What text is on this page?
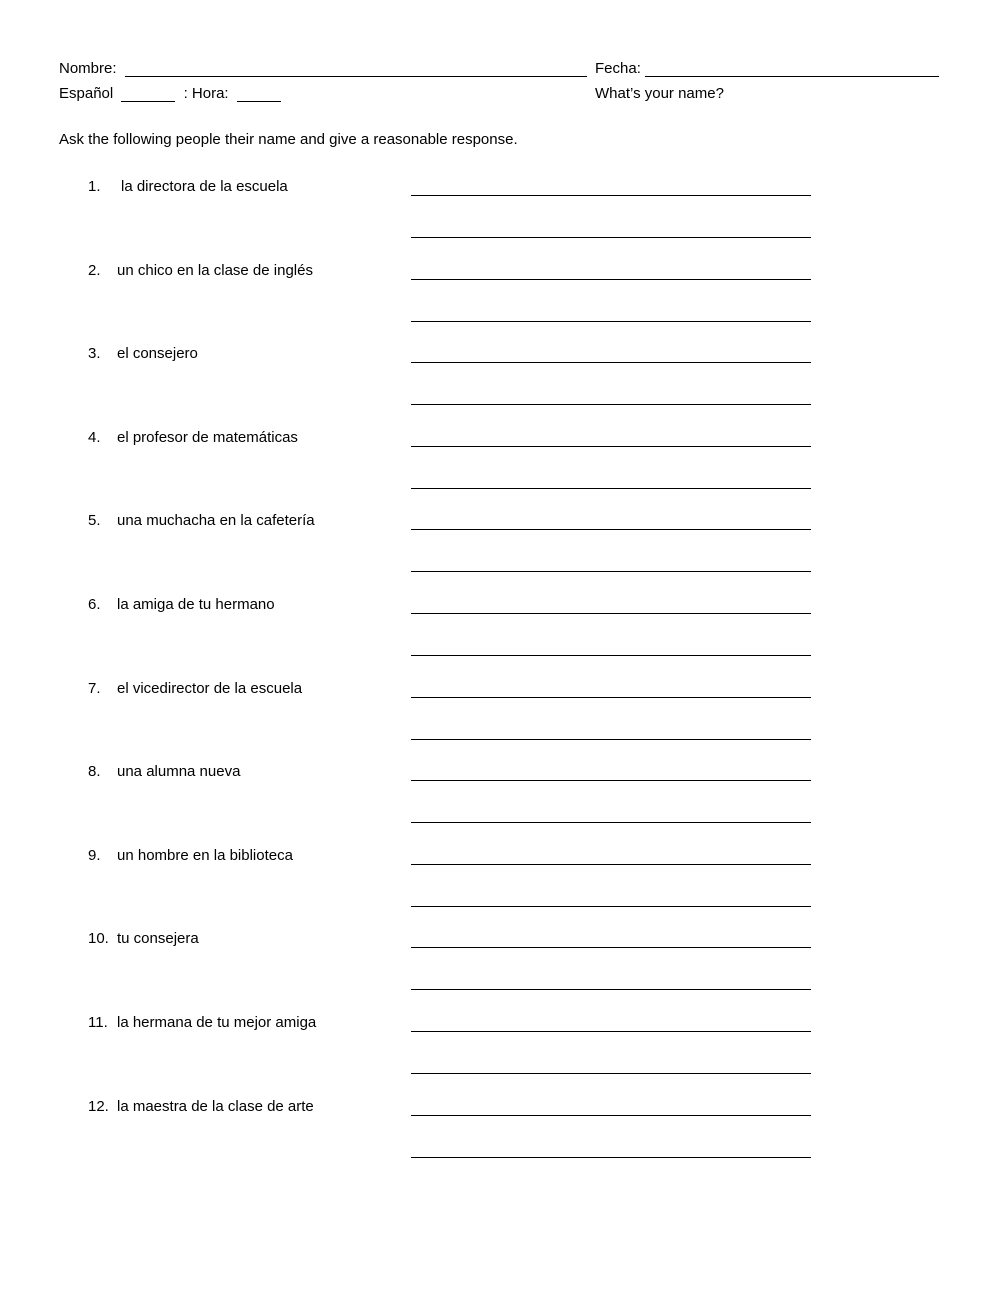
Nombre:	Fecha:
Español	: Hora:	What’s your name?
Ask the following people their name and give a reasonable response.
1.	la directora de la escuela
2.	un chico en la clase de inglés
3.	el consejero
4.	el profesor de matemáticas
5.	una muchacha en la cafetería
6.	la amiga de tu hermano
7.	el vicedirector de la escuela
8.	una alumna nueva
9.	un hombre en la biblioteca
10. tu consejera
11. la hermana de tu mejor amiga
12. la maestra de la clase de arte
